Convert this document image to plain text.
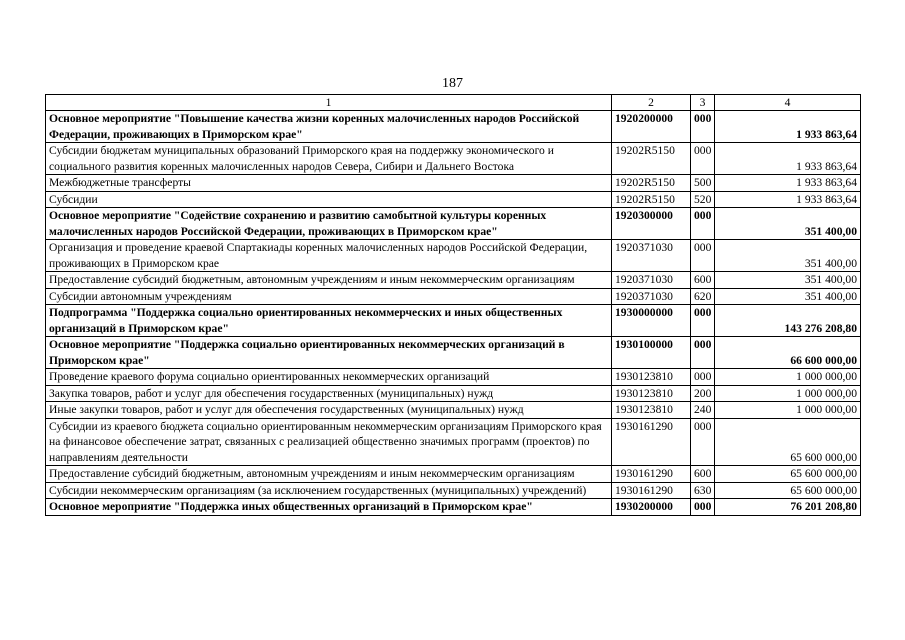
187
1	2	3	4
Основное мероприятие "Повышение качества жизни коренных малочисленных народов Российской Федерации, проживающих в Приморском крае"	1920200000	000	1 933 863,64
Субсидии бюджетам муниципальных образований Приморского края на поддержку экономического и социального развития коренных малочисленных народов Севера, Сибири и Дальнего Востока	19202R5150	000	1 933 863,64
Межбюджетные трансферты	19202R5150	500	1 933 863,64
Субсидии	19202R5150	520	1 933 863,64
Основное мероприятие "Содействие сохранению и развитию самобытной культуры коренных малочисленных народов Российской Федерации, проживающих в Приморском крае"	1920300000	000	351 400,00
Организация и проведение краевой Спартакиады коренных малочисленных народов Российской Федерации, проживающих в Приморском крае	1920371030	000	351 400,00
Предоставление субсидий бюджетным, автономным учреждениям и иным некоммерческим организациям	1920371030	600	351 400,00
Субсидии автономным учреждениям	1920371030	620	351 400,00
Подпрограмма "Поддержка социально ориентированных некоммерческих и иных общественных организаций в Приморском крае"	1930000000	000	143 276 208,80
Основное мероприятие "Поддержка социально ориентированных некоммерческих организаций в Приморском крае"	1930100000	000	66 600 000,00
Проведение краевого форума социально ориентированных некоммерческих организаций	1930123810	000	1 000 000,00
Закупка товаров, работ и услуг для обеспечения государственных (муниципальных) нужд	1930123810	200	1 000 000,00
Иные закупки товаров, работ и услуг для обеспечения государственных (муниципальных) нужд	1930123810	240	1 000 000,00
Субсидии из краевого бюджета социально ориентированным некоммерческим организациям Приморского края на финансовое обеспечение затрат, связанных с реализацией общественно значимых программ (проектов) по направлениям деятельности	1930161290	000	65 600 000,00
Предоставление субсидий бюджетным, автономным учреждениям и иным некоммерческим организациям	1930161290	600	65 600 000,00
Субсидии некоммерческим организациям (за исключением государственных (муниципальных) учреждений)	1930161290	630	65 600 000,00
Основное мероприятие "Поддержка иных общественных организаций в Приморском крае"	1930200000	000	76 201 208,80
